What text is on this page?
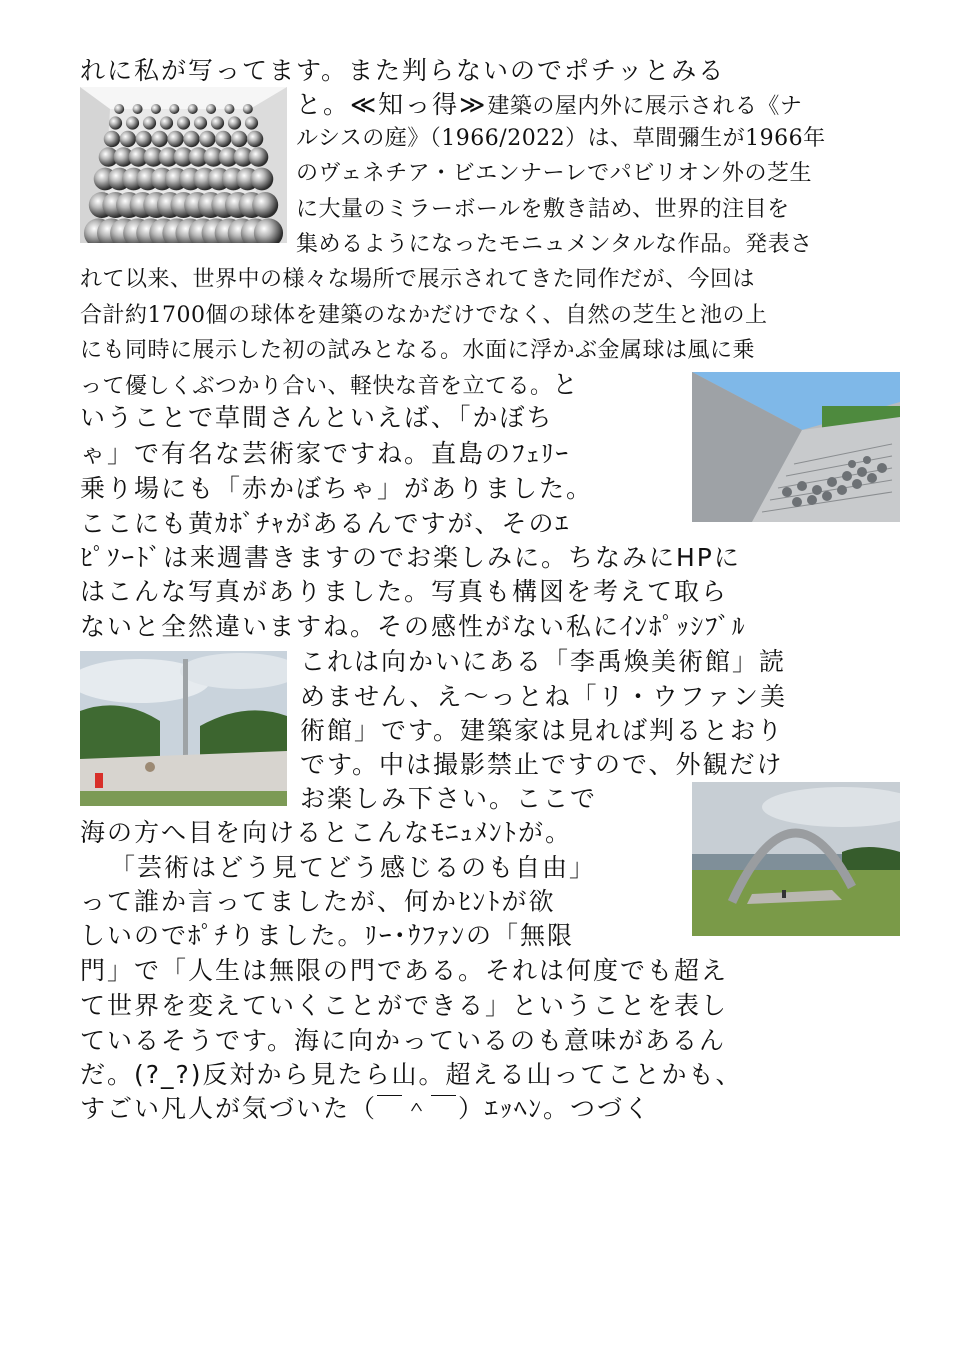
れに私が写ってます。また判らないのでポチッとみる
と。≪知っ得≫建築の屋内外に展示される《ナ
ルシスの庭》（1966/2022）は、草間彌生が1966年
のヴェネチア・ビエンナーレでパビリオン外の芝生
に大量のミラーボールを敷き詰め、世界的注目を
集めるようになったモニュメンタルな作品。発表さ
れて以来、世界中の様々な場所で展示されてきた同作だが、今回は
合計約1700個の球体を建築のなかだけでなく、自然の芝生と池の上
にも同時に展示した初の試みとなる。水面に浮かぶ金属球は風に乗
って優しくぶつかり合い、軽快な音を立てる。と
いうことで草間さんといえば、「かぼち
ゃ」で有名な芸術家ですね。直島のﾌｪﾘｰ
乗り場にも「赤かぼちゃ」がありました。
ここにも黄ｶﾎﾞﾁｬがあるんですが、そのｴ
ﾋﾟｿｰﾄﾞは来週書きますのでお楽しみに。ちなみにHPに
はこんな写真がありました。写真も構図を考えて取ら
ないと全然違いますね。その感性がない私にｲﾝﾎﾟｯｼﾌﾞﾙ
これは向かいにある「李禹煥美術館」読
めません、え～っとね「リ・ウファン美
術館」です。建築家は見れば判るとおり
です。中は撮影禁止ですので、外観だけ
お楽しみ下さい。ここで
海の方へ目を向けるとこんなﾓﾆｭﾒﾝﾄが。
「芸術はどう見てどう感じるのも自由」
って誰か言ってましたが、何かﾋﾝﾄが欲
しいのでﾎﾟﾁりました。ﾘｰ･ｳﾌｧﾝの「無限
門」で「人生は無限の門である。それは何度でも超え
て世界を変えていくことができる」ということを表し
ているそうです。海に向かっているのも意味があるん
だ。(?_?)反対から見たら山。超える山ってことかも、
すごい凡人が気づいた（￣＾￣）ｴｯﾍﾝ。つづく
